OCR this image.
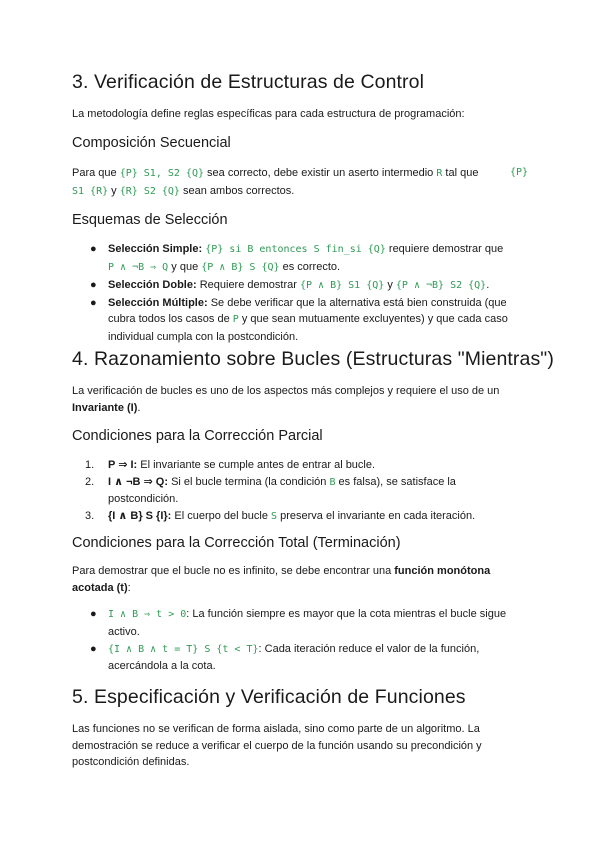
3. Verificación de Estructuras de Control

La metodología define reglas específicas para cada estructura de programación:

Composición Secuencial

Para que {P} S1, S2 {Q} sea correcto, debe existir un aserto intermedio R tal que	{P}

S1 {R} y {R} S2 {Q} sean ambos correctos.

Esquemas de Selección
● Selección Simple: {P} si B entonces S fin_si {Q} requiere demostrar que
P ∧ ¬B ⇒ Q y que {P ∧ B} S {Q} es correcto.
● Selección Doble: Requiere demostrar {P ∧ B} S1 {Q} y {P ∧ ¬B} S2 {Q}.
● Selección Múltiple: Se debe verificar que la alternativa está bien construida (que
cubra todos los casos de P y que sean mutuamente excluyentes) y que cada caso
individual cumpla con la postcondición.
4. Razonamiento sobre Bucles (Estructuras "Mientras")

La verificación de bucles es uno de los aspectos más complejos y requiere el uso de un

Invariante (I).

Condiciones para la Corrección Parcial
1. P ⇒ I: El invariante se cumple antes de entrar al bucle.
2. I ∧ ¬B ⇒ Q: Si el bucle termina (la condición B es falsa), se satisface la
postcondición.
3. {I ∧ B} S {I}: El cuerpo del bucle S preserva el invariante en cada iteración.
Condiciones para la Corrección Total (Terminación)

Para demostrar que el bucle no es infinito, se debe encontrar una función monótona

acotada (t):

● I ∧ B ⇒ t > 0: La función siempre es mayor que la cota mientras el bucle sigue
activo.
● {I ∧ B ∧ t = T} S {t < T}: Cada iteración reduce el valor de la función,
acercándola a la cota.
5. Especificación y Verificación de Funciones

Las funciones no se verifican de forma aislada, sino como parte de un algoritmo. La

demostración se reduce a verificar el cuerpo de la función usando su precondición y

postcondición definidas.
